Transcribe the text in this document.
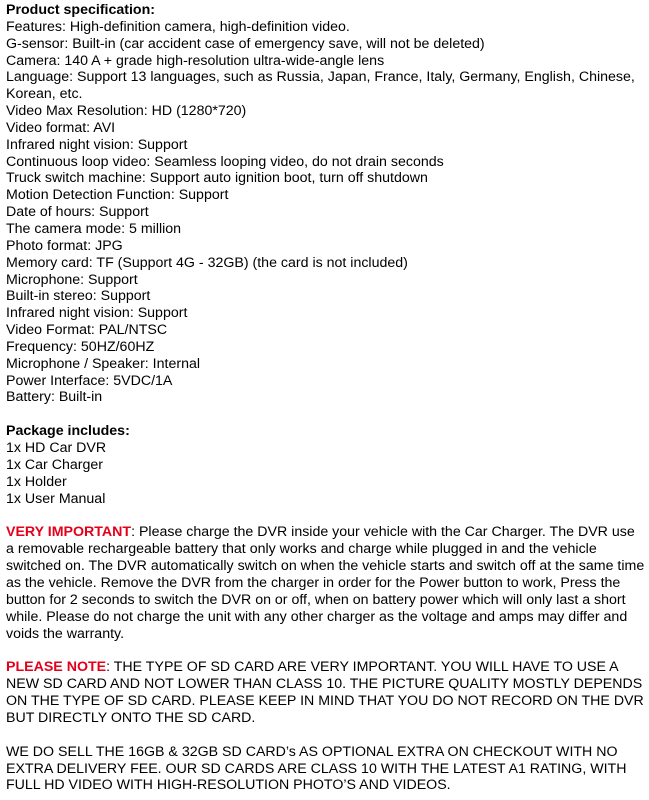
Product specification:

Features: High-definition camera, high-definition video.

G-sensor: Built-in (car accident case of emergency save, will not be deleted)

Camera: 140 A + grade high-resolution ultra-wide-angle lens

Language: Support 13 languages, such as Russia, Japan, France, Italy, Germany, English, Chinese, Korean, etc.

Video Max Resolution: HD (1280*720)

Video format: AVI

Infrared night vision: Support

Continuous loop video: Seamless looping video, do not drain seconds

Truck switch machine: Support auto ignition boot, turn off shutdown

Motion Detection Function: Support

Date of hours: Support

The camera mode: 5 million

Photo format: JPG

Memory card: TF (Support 4G - 32GB) (the card is not included)

Microphone: Support

Built-in stereo: Support

Infrared night vision: Support

Video Format: PAL/NTSC

Frequency: 50HZ/60HZ

Microphone / Speaker: Internal

Power Interface: 5VDC/1A

Battery: Built-in

Package includes:

1x HD Car DVR

1x Car Charger

1x Holder

1x User Manual

VERY IMPORTANT: Please charge the DVR inside your vehicle with the Car Charger. The DVR use a removable rechargeable battery that only works and charge while plugged in and the vehicle switched on. The DVR automatically switch on when the vehicle starts and switch off at the same time as the vehicle. Remove the DVR from the charger in order for the Power button to work, Press the button for 2 seconds to switch the DVR on or off, when on battery power which will only last a short while. Please do not charge the unit with any other charger as the voltage and amps may differ and voids the warranty.

PLEASE NOTE: THE TYPE OF SD CARD ARE VERY IMPORTANT. YOU WILL HAVE TO USE A NEW SD CARD AND NOT LOWER THAN CLASS 10. THE PICTURE QUALITY MOSTLY DEPENDS ON THE TYPE OF SD CARD. PLEASE KEEP IN MIND THAT YOU DO NOT RECORD ON THE DVR BUT DIRECTLY ONTO THE SD CARD.

WE DO SELL THE 16GB & 32GB SD CARD’s AS OPTIONAL EXTRA ON CHECKOUT WITH NO EXTRA DELIVERY FEE. OUR SD CARDS ARE CLASS 10 WITH THE LATEST A1 RATING, WITH FULL HD VIDEO WITH HIGH-RESOLUTION PHOTO’S AND VIDEOS.
